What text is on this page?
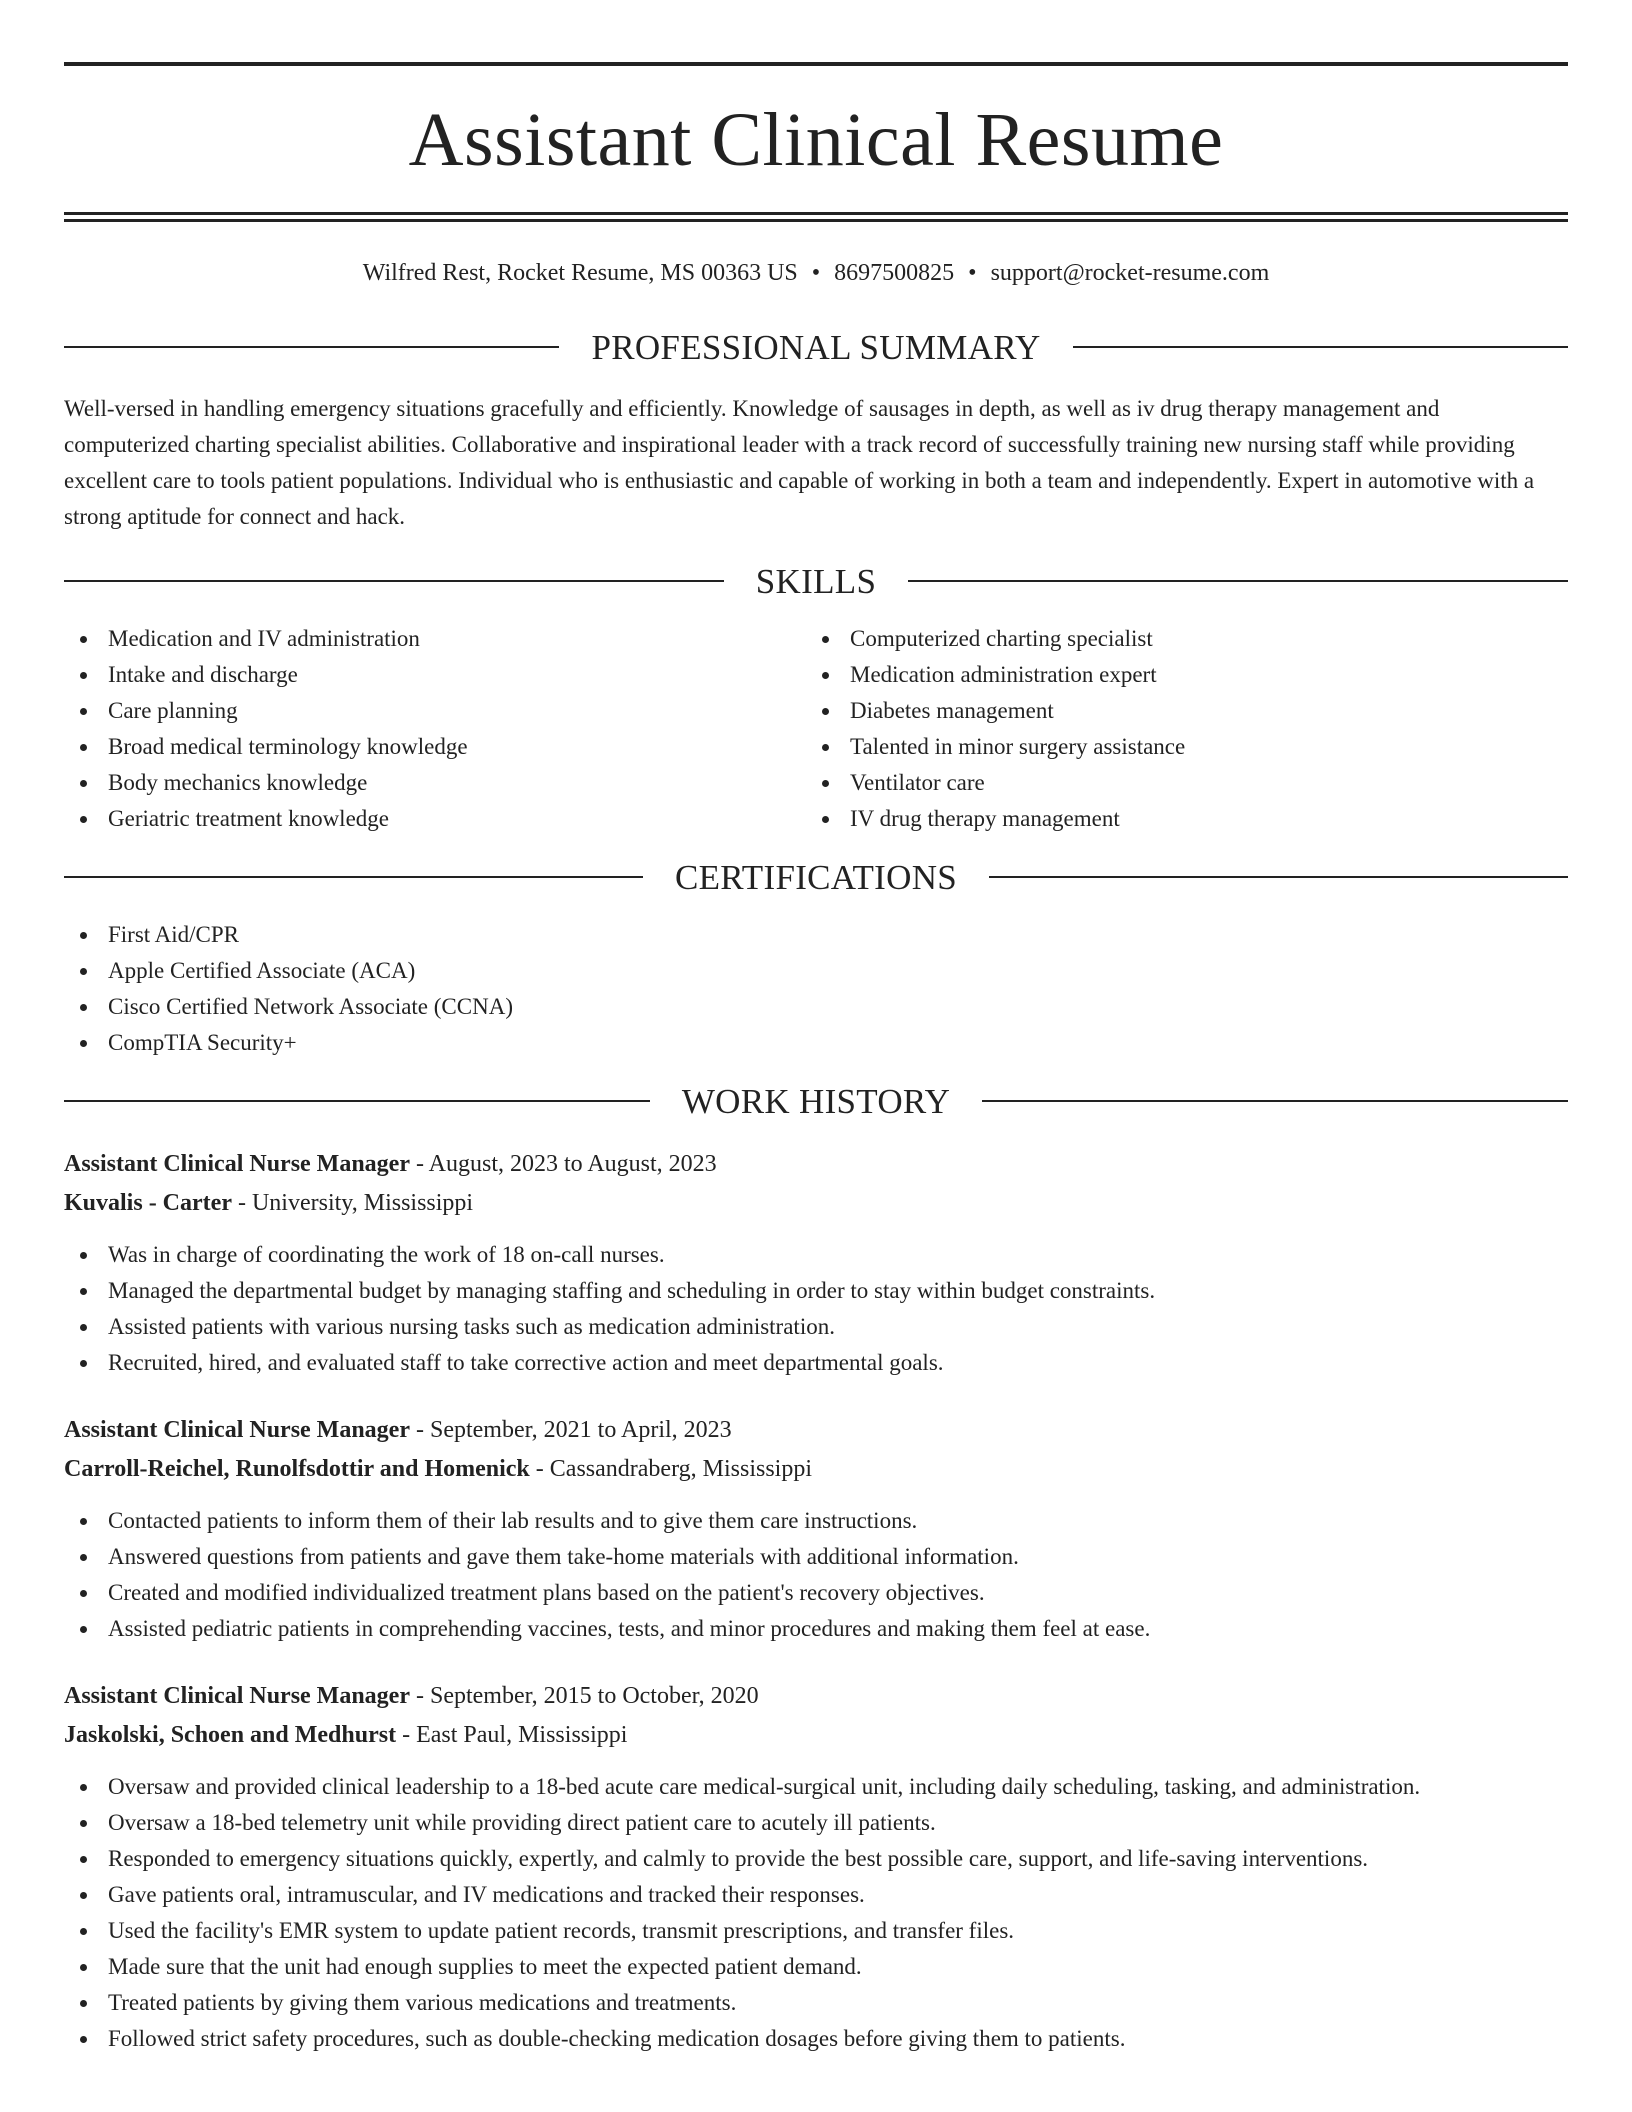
Assistant Clinical Resume
Wilfred Rest, Rocket Resume, MS 00363 US • 8697500825 • support@rocket-resume.com
PROFESSIONAL SUMMARY
Well-versed in handling emergency situations gracefully and efficiently. Knowledge of sausages in depth, as well as iv drug therapy management and computerized charting specialist abilities. Collaborative and inspirational leader with a track record of successfully training new nursing staff while providing excellent care to tools patient populations. Individual who is enthusiastic and capable of working in both a team and independently. Expert in automotive with a strong aptitude for connect and hack.
SKILLS
Medication and IV administration
Intake and discharge
Care planning
Broad medical terminology knowledge
Body mechanics knowledge
Geriatric treatment knowledge
Computerized charting specialist
Medication administration expert
Diabetes management
Talented in minor surgery assistance
Ventilator care
IV drug therapy management
CERTIFICATIONS
First Aid/CPR
Apple Certified Associate (ACA)
Cisco Certified Network Associate (CCNA)
CompTIA Security+
WORK HISTORY
Assistant Clinical Nurse Manager - August, 2023 to August, 2023
Kuvalis - Carter - University, Mississippi
Was in charge of coordinating the work of 18 on-call nurses.
Managed the departmental budget by managing staffing and scheduling in order to stay within budget constraints.
Assisted patients with various nursing tasks such as medication administration.
Recruited, hired, and evaluated staff to take corrective action and meet departmental goals.
Assistant Clinical Nurse Manager - September, 2021 to April, 2023
Carroll-Reichel, Runolfsdottir and Homenick - Cassandraberg, Mississippi
Contacted patients to inform them of their lab results and to give them care instructions.
Answered questions from patients and gave them take-home materials with additional information.
Created and modified individualized treatment plans based on the patient's recovery objectives.
Assisted pediatric patients in comprehending vaccines, tests, and minor procedures and making them feel at ease.
Assistant Clinical Nurse Manager - September, 2015 to October, 2020
Jaskolski, Schoen and Medhurst - East Paul, Mississippi
Oversaw and provided clinical leadership to a 18-bed acute care medical-surgical unit, including daily scheduling, tasking, and administration.
Oversaw a 18-bed telemetry unit while providing direct patient care to acutely ill patients.
Responded to emergency situations quickly, expertly, and calmly to provide the best possible care, support, and life-saving interventions.
Gave patients oral, intramuscular, and IV medications and tracked their responses.
Used the facility's EMR system to update patient records, transmit prescriptions, and transfer files.
Made sure that the unit had enough supplies to meet the expected patient demand.
Treated patients by giving them various medications and treatments.
Followed strict safety procedures, such as double-checking medication dosages before giving them to patients.
